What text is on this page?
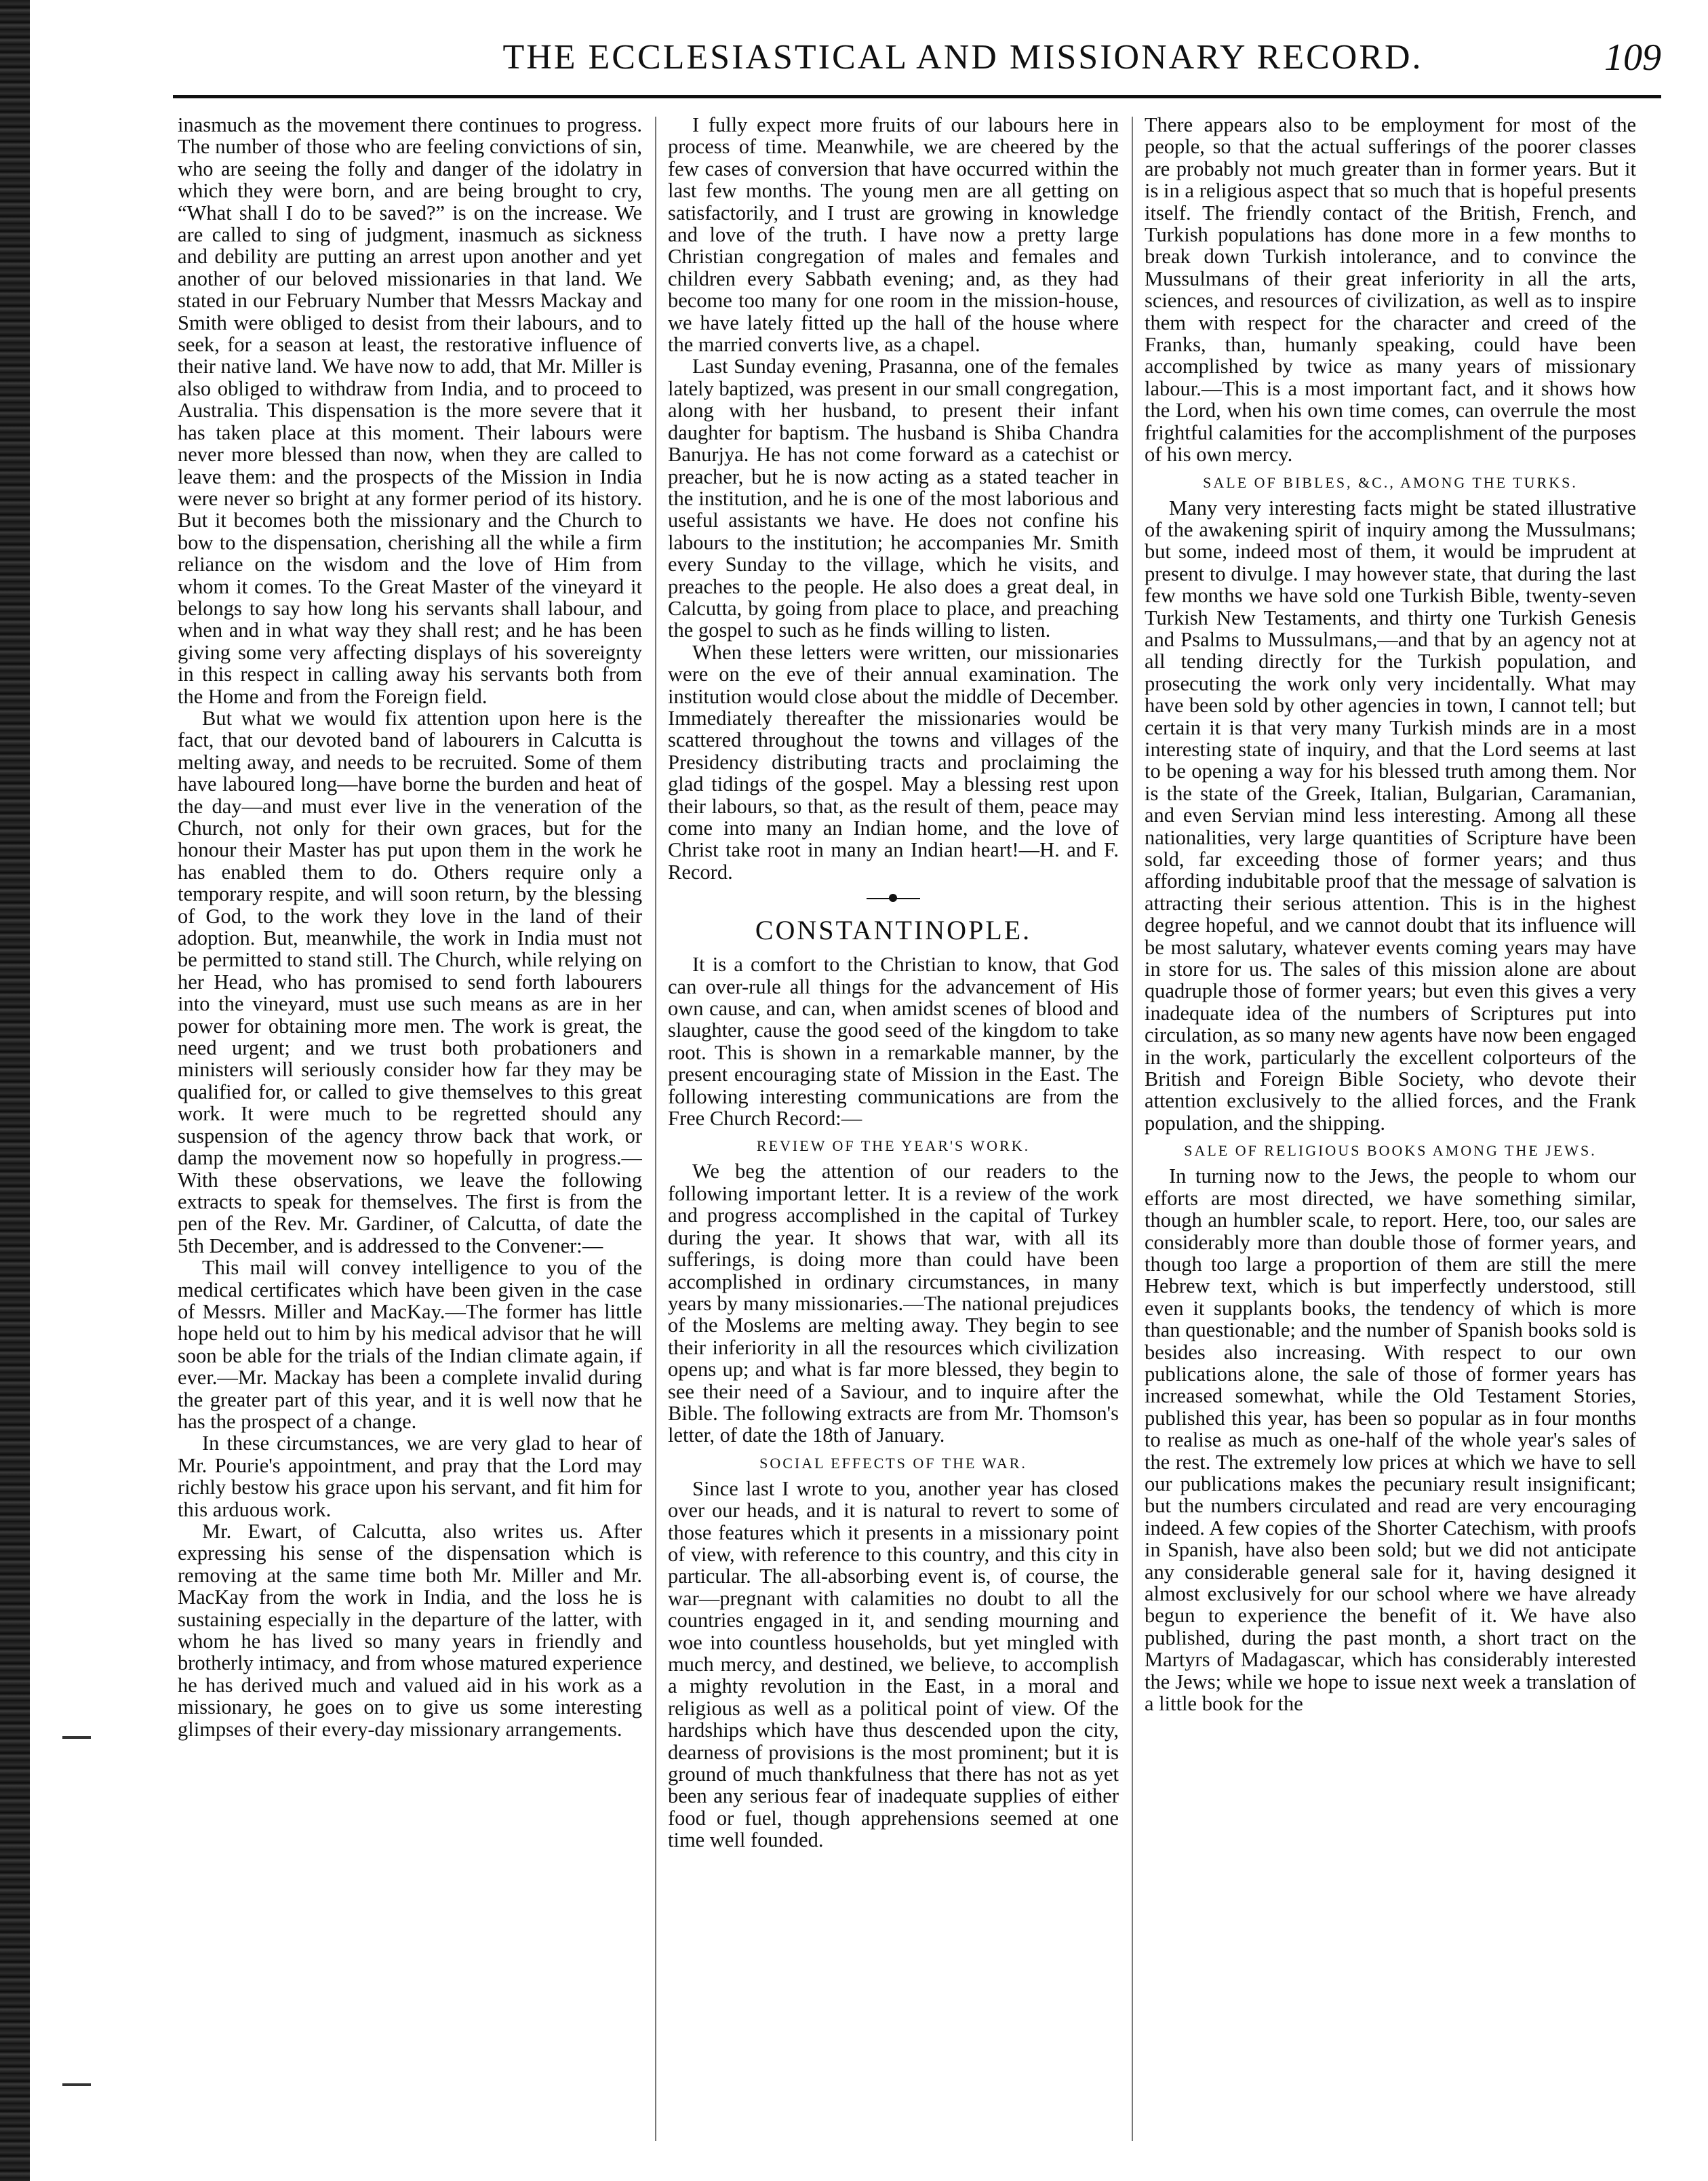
THE ECCLESIASTICAL AND MISSIONARY RECORD.	109

inasmuch as the movement there continues to progress. The number of those who are feeling convictions of sin, who are seeing the folly and danger of the idolatry in which they were born, and are being brought to cry, “What shall I do to be saved?” is on the increase. We are called to sing of judgment, inasmuch as sickness and debility are putting an arrest upon another and yet another of our beloved missionaries in that land. We stated in our February Number that Messrs Mackay and Smith were obliged to desist from their labours, and to seek, for a season at least, the restorative influence of their native land. We have now to add, that Mr. Miller is also obliged to withdraw from India, and to proceed to Australia. This dispensation is the more severe that it has taken place at this moment. Their labours were never more blessed than now, when they are called to leave them: and the prospects of the Mission in India were never so bright at any former period of its history. But it becomes both the missionary and the Church to bow to the dispensation, cherishing all the while a firm reliance on the wisdom and the love of Him from whom it comes. To the Great Master of the vineyard it belongs to say how long his servants shall labour, and when and in what way they shall rest; and he has been giving some very affecting displays of his sovereignty in this respect in calling away his servants both from the Home and from the Foreign field.

But what we would fix attention upon here is the fact, that our devoted band of labourers in Calcutta is melting away, and needs to be recruited. Some of them have laboured long—have borne the burden and heat of the day—and must ever live in the veneration of the Church, not only for their own graces, but for the honour their Master has put upon them in the work he has enabled them to do. Others require only a temporary respite, and will soon return, by the blessing of God, to the work they love in the land of their adoption. But, meanwhile, the work in India must not be permitted to stand still. The Church, while relying on her Head, who has promised to send forth labourers into the vineyard, must use such means as are in her power for obtaining more men. The work is great, the need urgent; and we trust both probationers and ministers will seriously consider how far they may be qualified for, or called to give themselves to this great work. It were much to be regretted should any suspension of the agency throw back that work, or damp the movement now so hopefully in progress.—With these observations, we leave the following extracts to speak for themselves. The first is from the pen of the Rev. Mr. Gardiner, of Calcutta, of date the 5th December, and is addressed to the Convener:—

This mail will convey intelligence to you of the medical certificates which have been given in the case of Messrs. Miller and MacKay.—The former has little hope held out to him by his medical advisor that he will soon be able for the trials of the Indian climate again, if ever.—Mr. Mackay has been a complete invalid during the greater part of this year, and it is well now that he has the prospect of a change.

In these circumstances, we are very glad to hear of Mr. Pourie's appointment, and pray that the Lord may richly bestow his grace upon his servant, and fit him for this arduous work.

Mr. Ewart, of Calcutta, also writes us. After expressing his sense of the dispensation which is removing at the same time both Mr. Miller and Mr. MacKay from the work in India, and the loss he is sustaining especially in the departure of the latter, with whom he has lived so many years in friendly and brotherly intimacy, and from whose matured experience he has derived much and valued aid in his work as a missionary, he goes on to give us some interesting glimpses of their every-day missionary arrangements.

I fully expect more fruits of our labours here in process of time. Meanwhile, we are cheered by the few cases of conversion that have occurred within the last few months. The young men are all getting on satisfactorily, and I trust are growing in knowledge and love of the truth. I have now a pretty large Christian congregation of males and females and children every Sabbath evening; and, as they had become too many for one room in the mission-house, we have lately fitted up the hall of the house where the married converts live, as a chapel.

Last Sunday evening, Prasanna, one of the females lately baptized, was present in our small congregation, along with her husband, to present their infant daughter for baptism. The husband is Shiba Chandra Banurjya. He has not come forward as a catechist or preacher, but he is now acting as a stated teacher in the institution, and he is one of the most laborious and useful assistants we have. He does not confine his labours to the institution; he accompanies Mr. Smith every Sunday to the village, which he visits, and preaches to the people. He also does a great deal, in Calcutta, by going from place to place, and preaching the gospel to such as he finds willing to listen.

When these letters were written, our missionaries were on the eve of their annual examination. The institution would close about the middle of December. Immediately thereafter the missionaries would be scattered throughout the towns and villages of the Presidency distributing tracts and proclaiming the glad tidings of the gospel. May a blessing rest upon their labours, so that, as the result of them, peace may come into many an Indian home, and the love of Christ take root in many an Indian heart!—H. and F. Record.

CONSTANTINOPLE.

It is a comfort to the Christian to know, that God can over-rule all things for the advancement of His own cause, and can, when amidst scenes of blood and slaughter, cause the good seed of the kingdom to take root. This is shown in a remarkable manner, by the present encouraging state of Mission in the East. The following interesting communications are from the Free Church Record:—

REVIEW OF THE YEAR'S WORK.

We beg the attention of our readers to the following important letter. It is a review of the work and progress accomplished in the capital of Turkey during the year. It shows that war, with all its sufferings, is doing more than could have been accomplished in ordinary circumstances, in many years by many missionaries.—The national prejudices of the Moslems are melting away. They begin to see their inferiority in all the resources which civilization opens up; and what is far more blessed, they begin to see their need of a Saviour, and to inquire after the Bible. The following extracts are from Mr. Thomson's letter, of date the 18th of January.

SOCIAL EFFECTS OF THE WAR.

Since last I wrote to you, another year has closed over our heads, and it is natural to revert to some of those features which it presents in a missionary point of view, with reference to this country, and this city in particular. The all-absorbing event is, of course, the war—pregnant with calamities no doubt to all the countries engaged in it, and sending mourning and woe into countless households, but yet mingled with much mercy, and destined, we believe, to accomplish a mighty revolution in the East, in a moral and religious as well as a political point of view. Of the hardships which have thus descended upon the city, dearness of provisions is the most prominent; but it is ground of much thankfulness that there has not as yet been any serious fear of inadequate supplies of either food or fuel, though apprehensions seemed at one time well founded.

There appears also to be employment for most of the people, so that the actual sufferings of the poorer classes are probably not much greater than in former years. But it is in a religious aspect that so much that is hopeful presents itself. The friendly contact of the British, French, and Turkish populations has done more in a few months to break down Turkish intolerance, and to convince the Mussulmans of their great inferiority in all the arts, sciences, and resources of civilization, as well as to inspire them with respect for the character and creed of the Franks, than, humanly speaking, could have been accomplished by twice as many years of missionary labour.—This is a most important fact, and it shows how the Lord, when his own time comes, can overrule the most frightful calamities for the accomplishment of the purposes of his own mercy.

SALE OF BIBLES, &C., AMONG THE TURKS.

Many very interesting facts might be stated illustrative of the awakening spirit of inquiry among the Mussulmans; but some, indeed most of them, it would be imprudent at present to divulge. I may however state, that during the last few months we have sold one Turkish Bible, twenty-seven Turkish New Testaments, and thirty one Turkish Genesis and Psalms to Mussulmans,—and that by an agency not at all tending directly for the Turkish population, and prosecuting the work only very incidentally. What may have been sold by other agencies in town, I cannot tell; but certain it is that very many Turkish minds are in a most interesting state of inquiry, and that the Lord seems at last to be opening a way for his blessed truth among them. Nor is the state of the Greek, Italian, Bulgarian, Caramanian, and even Servian mind less interesting. Among all these nationalities, very large quantities of Scripture have been sold, far exceeding those of former years; and thus affording indubitable proof that the message of salvation is attracting their serious attention. This is in the highest degree hopeful, and we cannot doubt that its influence will be most salutary, whatever events coming years may have in store for us. The sales of this mission alone are about quadruple those of former years; but even this gives a very inadequate idea of the numbers of Scriptures put into circulation, as so many new agents have now been engaged in the work, particularly the excellent colporteurs of the British and Foreign Bible Society, who devote their attention exclusively to the allied forces, and the Frank population, and the shipping.

SALE OF RELIGIOUS BOOKS AMONG THE JEWS.

In turning now to the Jews, the people to whom our efforts are most directed, we have something similar, though an humbler scale, to report. Here, too, our sales are considerably more than double those of former years, and though too large a proportion of them are still the mere Hebrew text, which is but imperfectly understood, still even it supplants books, the tendency of which is more than questionable; and the number of Spanish books sold is besides also increasing. With respect to our own publications alone, the sale of those of former years has increased somewhat, while the Old Testament Stories, published this year, has been so popular as in four months to realise as much as one-half of the whole year's sales of the rest. The extremely low prices at which we have to sell our publications makes the pecuniary result insignificant; but the numbers circulated and read are very encouraging indeed. A few copies of the Shorter Catechism, with proofs in Spanish, have also been sold; but we did not anticipate any considerable general sale for it, having designed it almost exclusively for our school where we have already begun to experience the benefit of it. We have also published, during the past month, a short tract on the Martyrs of Madagascar, which has considerably interested the Jews; while we hope to issue next week a translation of a little book for the
